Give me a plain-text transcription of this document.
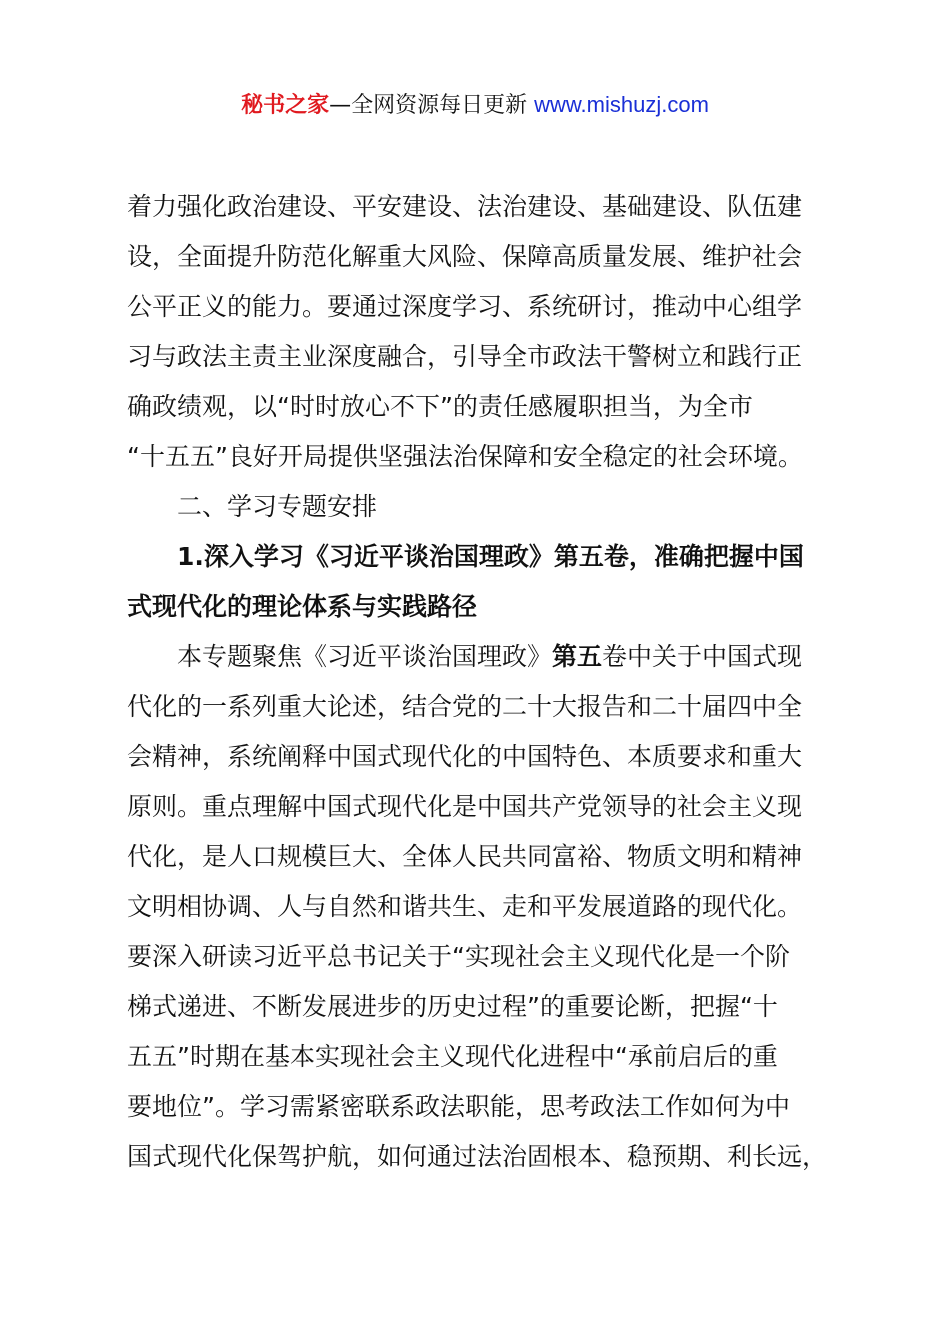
秘书之家—全网资源每日更新 www.mishuzj.com
着力强化政治建设、平安建设、法治建设、基础建设、队伍建
设，全面提升防范化解重大风险、保障高质量发展、维护社会
公平正义的能力。要通过深度学习、系统研讨，推动中心组学
习与政法主责主业深度融合，引导全市政法干警树立和践行正
确政绩观，以“时时放心不下”的责任感履职担当，为全市
“十五五”良好开局提供坚强法治保障和安全稳定的社会环境。
二、学习专题安排
1.深入学习《习近平谈治国理政》第五卷，准确把握中国
式现代化的理论体系与实践路径
本专题聚焦《习近平谈治国理政》第五卷中关于中国式现
代化的一系列重大论述，结合党的二十大报告和二十届四中全
会精神，系统阐释中国式现代化的中国特色、本质要求和重大
原则。重点理解中国式现代化是中国共产党领导的社会主义现
代化，是人口规模巨大、全体人民共同富裕、物质文明和精神
文明相协调、人与自然和谐共生、走和平发展道路的现代化。
要深入研读习近平总书记关于“实现社会主义现代化是一个阶
梯式递进、不断发展进步的历史过程”的重要论断，把握“十
五五”时期在基本实现社会主义现代化进程中“承前启后的重
要地位”。学习需紧密联系政法职能，思考政法工作如何为中
国式现代化保驾护航，如何通过法治固根本、稳预期、利长远，
